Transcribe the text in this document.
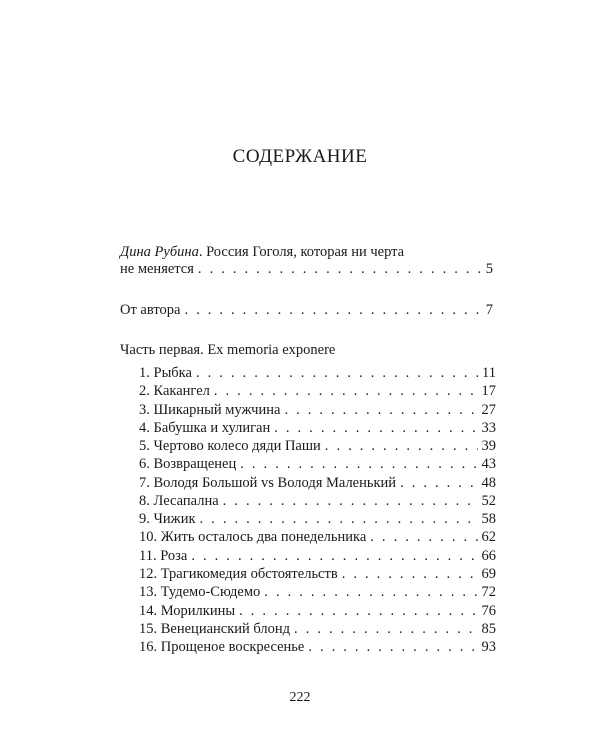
СОДЕРЖАНИЕ
Дина Рубина. Россия Гоголя, которая ни черта
не меняется . . .	5
От автора . . .	7
Часть первая. Ex memoria exponere
1. Рыбка . . .	11
2. Какангел . . .	17
3. Шикарный мужчина . . .	27
4. Бабушка и хулиган . . .	33
5. Чертово колесо дяди Паши . . .	39
6. Возвращенец . . .	43
7. Володя Большой vs Володя Маленький . . .	48
8. Лесапална . . .	52
9. Чижик . . .	58
10. Жить осталось два понедельника . . .	62
11. Роза . . .	66
12. Трагикомедия обстоятельств . . .	69
13. Тудемо-Сюдемо . . .	72
14. Морилкины . . .	76
15. Венецианский блонд . . .	85
16. Прощеное воскресенье . . .	93
222
